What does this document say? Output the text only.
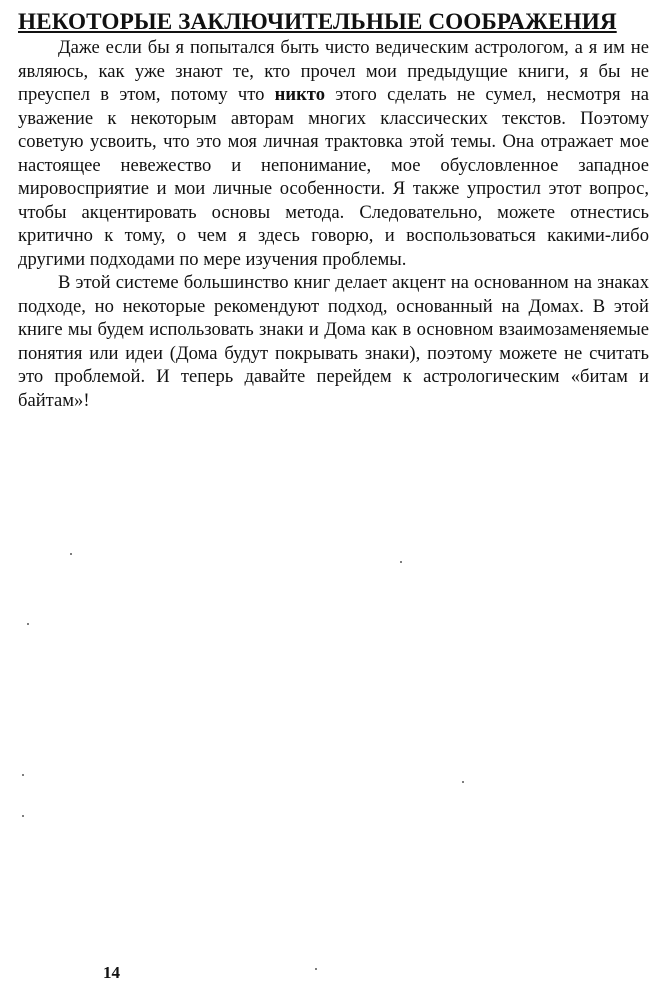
НЕКОТОРЫЕ ЗАКЛЮЧИТЕЛЬНЫЕ СООБРАЖЕНИЯ

Даже если бы я попытался быть чисто ведическим астрологом, а я им не являюсь, как уже знают те, кто прочел мои предыдущие книги, я бы не преуспел в этом, потому что никто этого сделать не сумел, несмотря на уважение к некоторым авторам многих классических текстов. Поэтому советую усвоить, что это моя личная трактовка этой темы. Она отражает мое настоящее невежество и непонимание, мое обусловленное западное мировосприятие и мои личные особенности. Я также упростил этот вопрос, чтобы акцентировать основы метода. Следовательно, можете отнестись критично к тому, о чем я здесь говорю, и воспользоваться какими-либо другими подходами по мере изучения проблемы.

В этой системе большинство книг делает акцент на основанном на знаках подходе, но некоторые рекомендуют подход, основанный на Домах. В этой книге мы будем использовать знаки и Дома как в основном взаимозаменяемые понятия или идеи (Дома будут покрывать знаки), поэтому можете не считать это проблемой. И теперь давайте перейдем к астрологическим «битам и байтам»!

14
